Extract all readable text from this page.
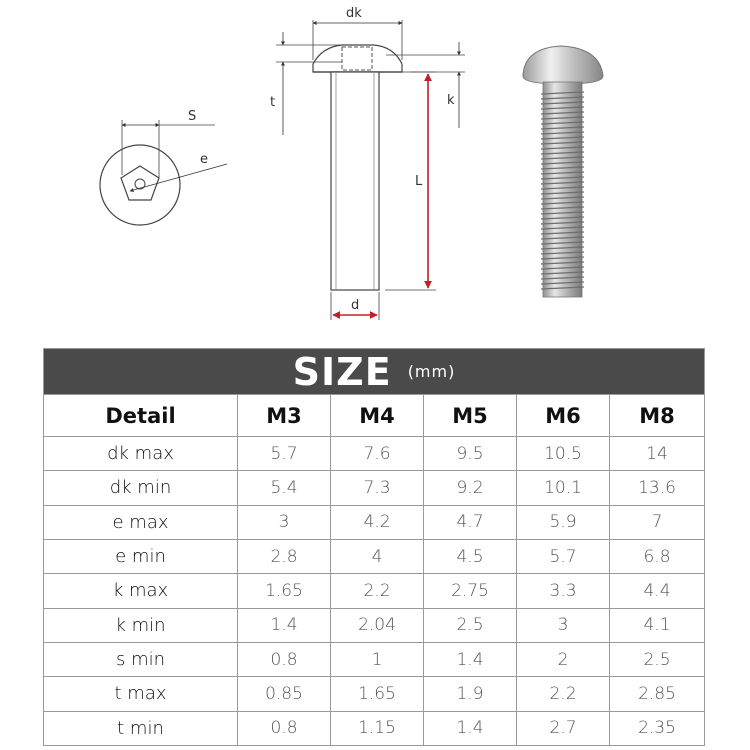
S
e
dk
t	k
L
d
SIZE (mm)					
Detail	M3	M4	M5	M6	M8
dk max	5.7	7.6	9.5	10.5	14
dk min	5.4	7.3	9.2	10.1	13.6
e max	3	4.2	4.7	5.9	7
e min	2.8	4	4.5	5.7	6.8
k max	1.65	2.2	2.75	3.3	4.4
k min	1.4	2.04	2.5	3	4.1
s min	0.8	1	1.4	2	2.5
t max	0.85	1.65	1.9	2.2	2.85
t min	0.8	1.15	1.4	2.7	2.35
